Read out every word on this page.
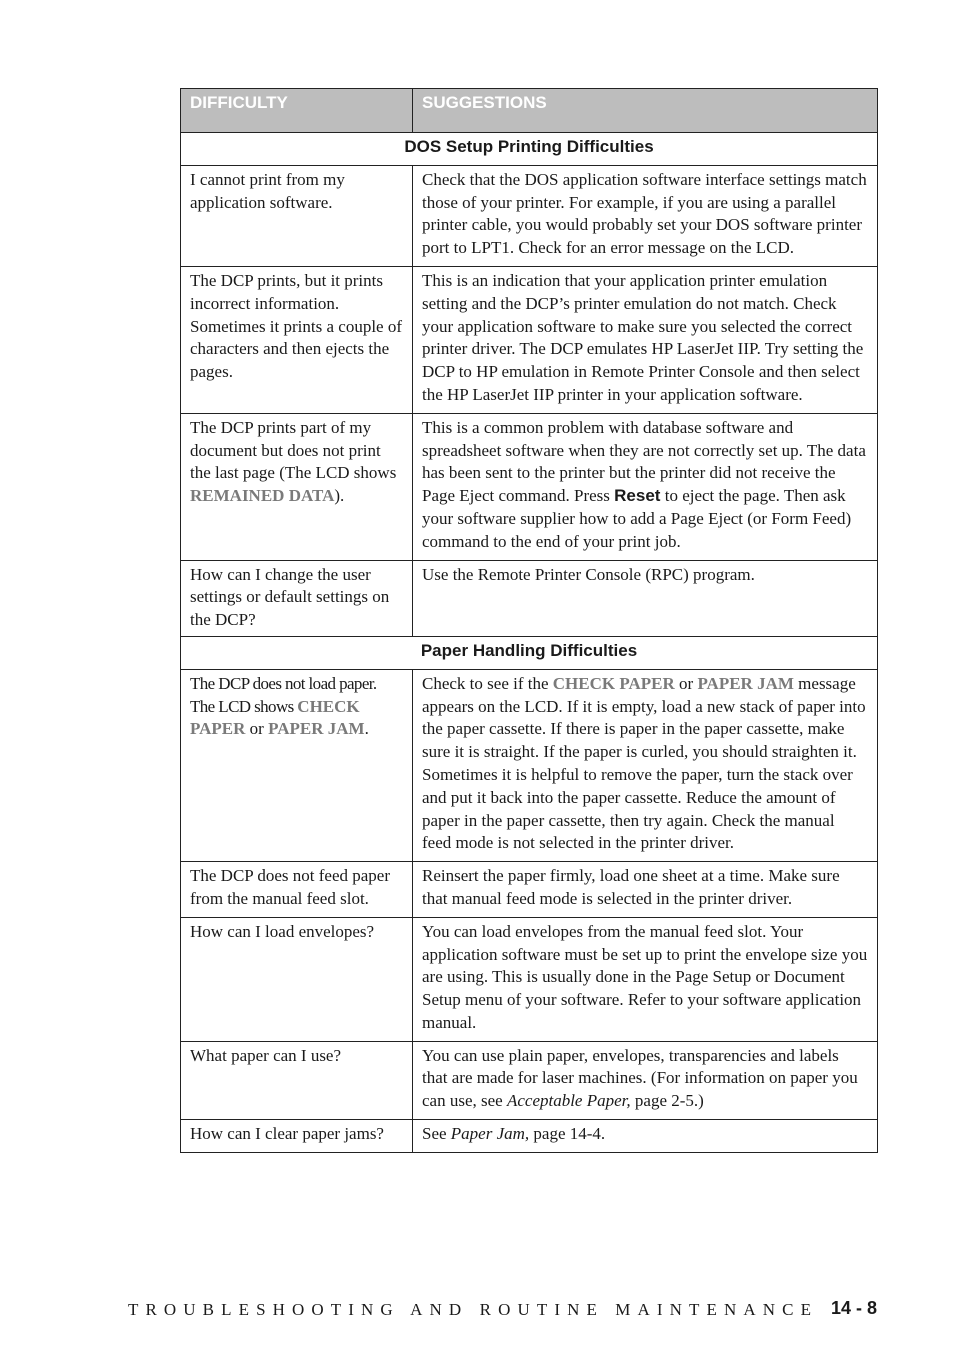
DIFFICULTY	SUGGESTIONS
DOS Setup Printing Difficulties	
I cannot print from my application software.	Check that the DOS application software interface settings match those of your printer. For example, if you are using a parallel printer cable, you would probably set your DOS software printer port to LPT1. Check for an error message on the LCD.
The DCP prints, but it prints incorrect information. Sometimes it prints a couple of characters and then ejects the pages.	This is an indication that your application printer emulation setting and the DCP’s printer emulation do not match. Check your application software to make sure you selected the correct printer driver. The DCP emulates HP LaserJet IIP. Try setting the DCP to HP emulation in Remote Printer Console and then select the HP LaserJet IIP printer in your application software.
The DCP prints part of my document but does not print the last page (The LCD shows REMAINED DATA).	This is a common problem with database software and spreadsheet software when they are not correctly set up. The data has been sent to the printer but the printer did not receive the Page Eject command. Press Reset to eject the page. Then ask your software supplier how to add a Page Eject (or Form Feed) command to the end of your print job.
How can I change the user settings or default settings on the DCP?	Use the Remote Printer Console (RPC) program.
Paper Handling Difficulties	
The DCP does not load paper. The LCD shows CHECK PAPER or PAPER JAM.	Check to see if the CHECK PAPER or PAPER JAM message appears on the LCD. If it is empty, load a new stack of paper into the paper cassette. If there is paper in the paper cassette, make sure it is straight. If the paper is curled, you should straighten it. Sometimes it is helpful to remove the paper, turn the stack over and put it back into the paper cassette. Reduce the amount of paper in the paper cassette, then try again. Check the manual feed mode is not selected in the printer driver.
The DCP does not feed paper from the manual feed slot.	Reinsert the paper firmly, load one sheet at a time. Make sure that manual feed mode is selected in the printer driver.
How can I load envelopes?	You can load envelopes from the manual feed slot. Your application software must be set up to print the envelope size you are using. This is usually done in the Page Setup or Document Setup menu of your software. Refer to your software application manual.
What paper can I use?	You can use plain paper, envelopes, transparencies and labels that are made for laser machines. (For information on paper you can use, see Acceptable Paper, page 2-5.)
How can I clear paper jams?	See Paper Jam, page 14-4.
TROUBLESHOOTING AND ROUTINE MAINTENANCE 14 - 8
